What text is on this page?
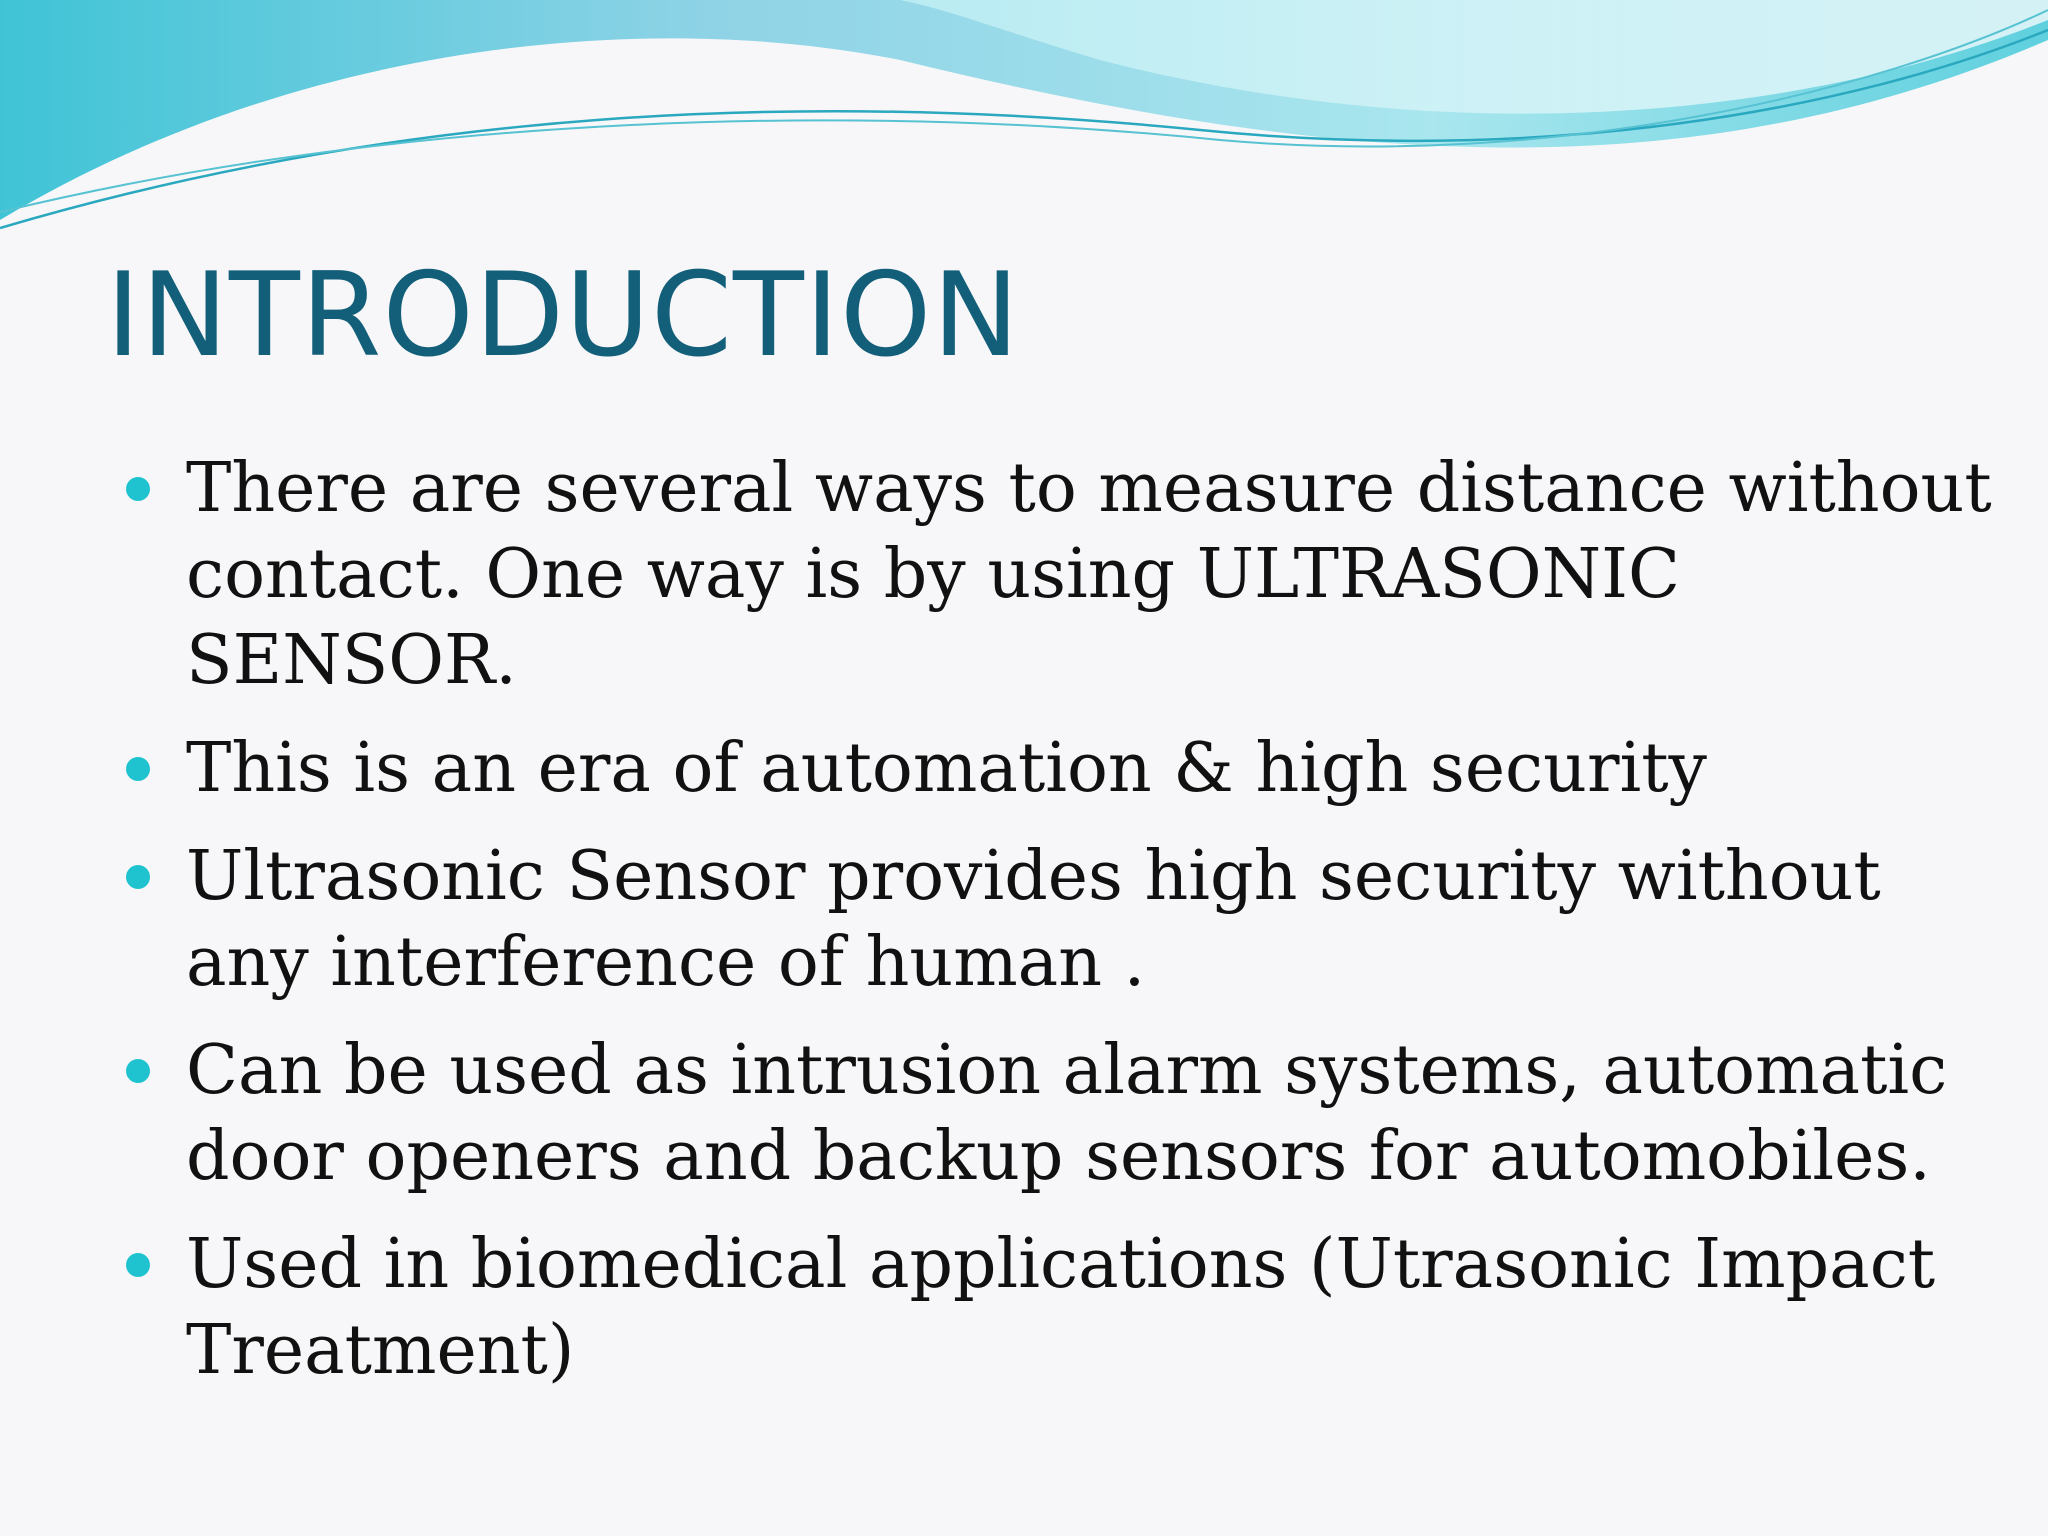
INTRODUCTION
There are several ways to measure distance without contact. One way is by using ULTRASONIC SENSOR.
This is an era of automation & high security
Ultrasonic Sensor provides high security without any interference of human .
Can be used as intrusion alarm systems, automatic door openers and backup sensors for automobiles.
Used in biomedical applications (Utrasonic Impact Treatment)
